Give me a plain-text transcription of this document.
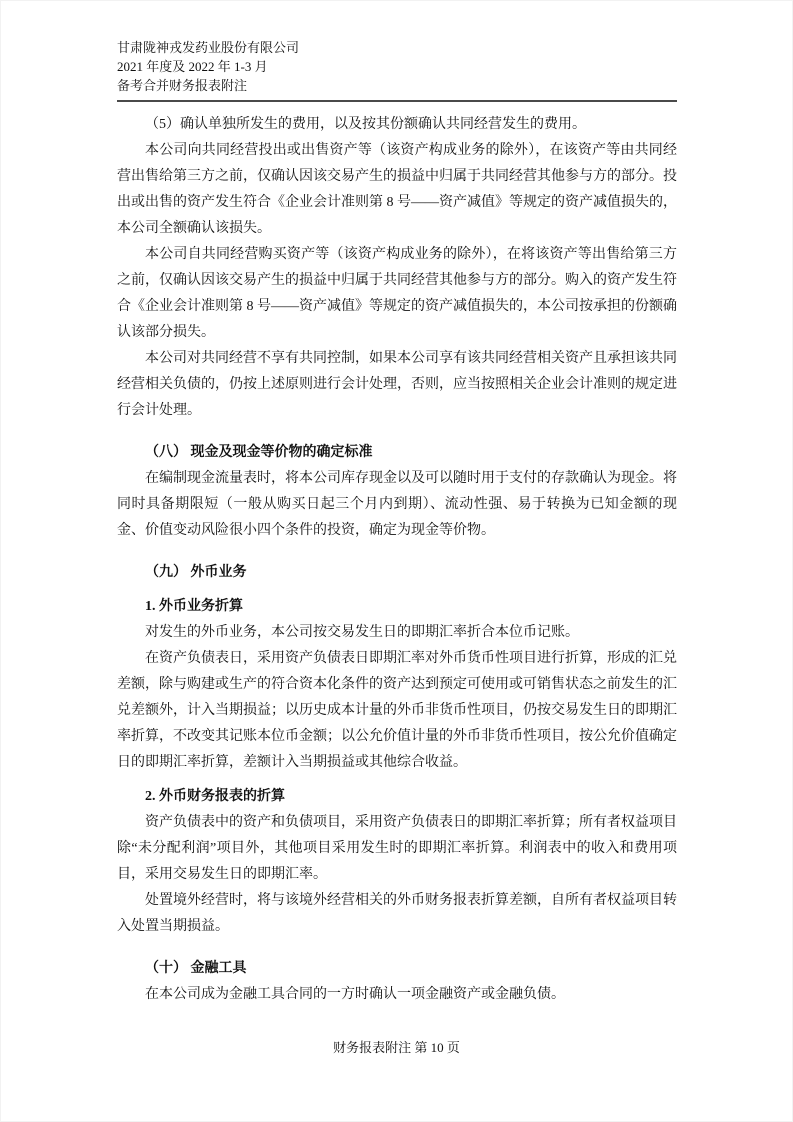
甘肃陇神戎发药业股份有限公司
2021 年度及 2022 年 1-3 月
备考合并财务报表附注

（5）确认单独所发生的费用，以及按其份额确认共同经营发生的费用。

本公司向共同经营投出或出售资产等（该资产构成业务的除外），在该资产等由共同经营出售给第三方之前，仅确认因该交易产生的损益中归属于共同经营其他参与方的部分。投出或出售的资产发生符合《企业会计准则第 8 号——资产减值》等规定的资产减值损失的，本公司全额确认该损失。

本公司自共同经营购买资产等（该资产构成业务的除外），在将该资产等出售给第三方之前，仅确认因该交易产生的损益中归属于共同经营其他参与方的部分。购入的资产发生符合《企业会计准则第 8 号——资产减值》等规定的资产减值损失的，本公司按承担的份额确认该部分损失。

本公司对共同经营不享有共同控制，如果本公司享有该共同经营相关资产且承担该共同经营相关负债的，仍按上述原则进行会计处理，否则，应当按照相关企业会计准则的规定进行会计处理。

（八） 现金及现金等价物的确定标准

在编制现金流量表时，将本公司库存现金以及可以随时用于支付的存款确认为现金。将同时具备期限短（一般从购买日起三个月内到期）、流动性强、易于转换为已知金额的现金、价值变动风险很小四个条件的投资，确定为现金等价物。

（九） 外币业务

1. 外币业务折算

对发生的外币业务，本公司按交易发生日的即期汇率折合本位币记账。

在资产负债表日，采用资产负债表日即期汇率对外币货币性项目进行折算，形成的汇兑差额，除与购建或生产的符合资本化条件的资产达到预定可使用或可销售状态之前发生的汇兑差额外，计入当期损益；以历史成本计量的外币非货币性项目，仍按交易发生日的即期汇率折算，不改变其记账本位币金额；以公允价值计量的外币非货币性项目，按公允价值确定日的即期汇率折算，差额计入当期损益或其他综合收益。

2. 外币财务报表的折算

资产负债表中的资产和负债项目，采用资产负债表日的即期汇率折算；所有者权益项目除“未分配利润”项目外，其他项目采用发生时的即期汇率折算。利润表中的收入和费用项目，采用交易发生日的即期汇率。

处置境外经营时，将与该境外经营相关的外币财务报表折算差额，自所有者权益项目转入处置当期损益。

（十） 金融工具

在本公司成为金融工具合同的一方时确认一项金融资产或金融负债。

财务报表附注 第 10 页
